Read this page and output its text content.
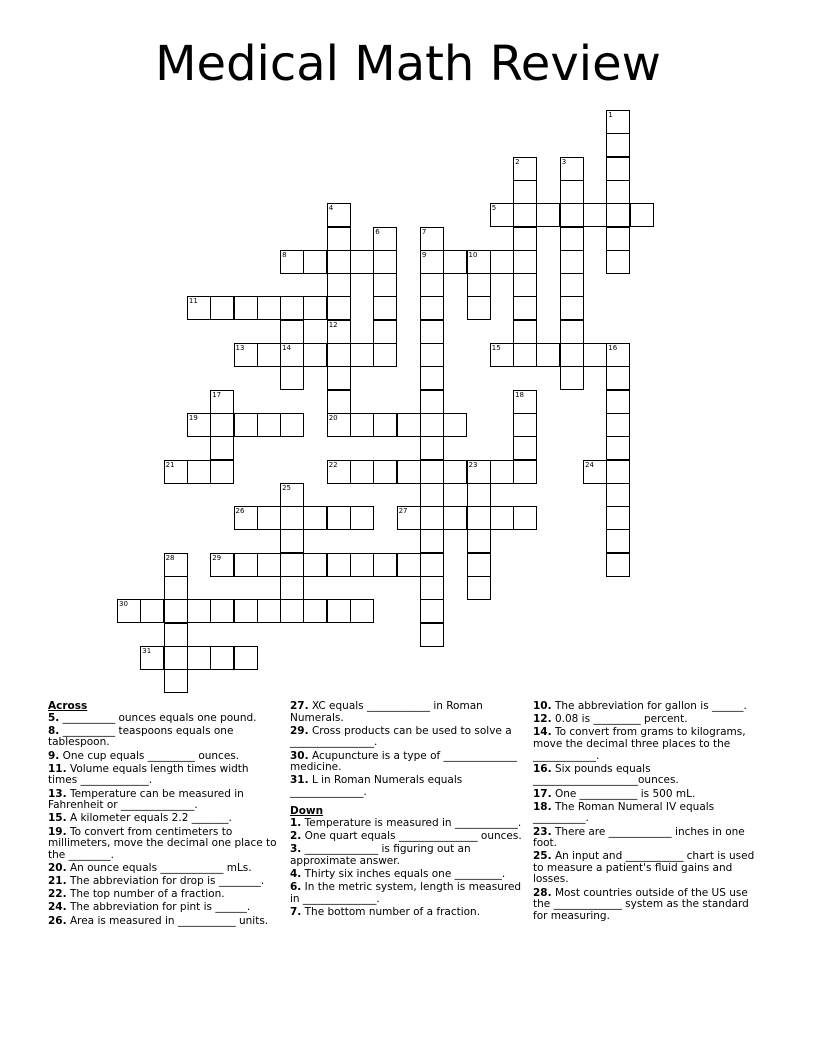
Medical Math Review
1
2	3
4
12
6	7
9	10
14	16
17	18
23
25
28
5
8
11
13	15
19	20
21	22	24
26	27
29
30
31
Across
5. __________ ounces equals one pound.
8. __________ teaspoons equals one tablespoon.
9. One cup equals _________ ounces.
11. Volume equals length times width times _____________.
13. Temperature can be measured in Fahrenheit or ______________.
15. A kilometer equals 2.2 _______.
19. To convert from centimeters to millimeters, move the decimal one place to the ________.
20. An ounce equals ____________ mLs.
21. The abbreviation for drop is ________.
22. The top number of a fraction.
24. The abbreviation for pint is ______.
26. Area is measured in ___________ units.
27. XC equals ____________ in Roman Numerals.
29. Cross products can be used to solve a ________________.
30. Acupuncture is a type of ______________ medicine.
31. L in Roman Numerals equals ______________.
Down
1. Temperature is measured in ____________.
2. One quart equals _______________ ounces.
3. ______________ is figuring out an approximate answer.
4. Thirty six inches equals one _________.
6. In the metric system, length is measured in ______________.
7. The bottom number of a fraction.
10. The abbreviation for gallon is ______.
12. 0.08 is _________ percent.
14. To convert from grams to kilograms, move the decimal three places to the ____________.
16. Six pounds equals ____________________ounces.
17. One ___________ is 500 mL.
18. The Roman Numeral IV equals __________.
23. There are ____________ inches in one foot.
25. An input and ___________ chart is used to measure a patient's fluid gains and losses.
28. Most countries outside of the US use the _____________ system as the standard for measuring.
